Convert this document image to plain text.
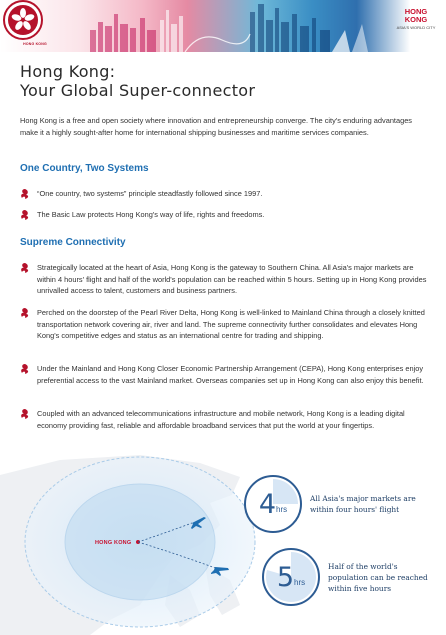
HONG KONG
HONG KONG
ASIA'S WORLD CITY
Hong Kong:
Your Global Super-connector

Hong Kong is a free and open society where innovation and entrepreneurship converge. The city's enduring advantages make it a highly sought-after home for international shipping businesses and maritime services companies.

One Country, Two Systems
“One country, two systems” principle steadfastly followed since 1997.
The Basic Law protects Hong Kong's way of life, rights and freedoms.
Supreme Connectivity
Strategically located at the heart of Asia, Hong Kong is the gateway to Southern China. All Asia's major markets are within 4 hours' flight and half of the world's population can be reached within 5 hours. Setting up in Hong Kong provides unrivalled access to talent, customers and business partners.
Perched on the doorstep of the Pearl River Delta, Hong Kong is well-linked to Mainland China through a closely knitted transportation network covering air, river and land. The supreme connectivity further consolidates and elevates Hong Kong's competitive edges and status as an international centre for trading and shipping.
Under the Mainland and Hong Kong Closer Economic Partnership Arrangement (CEPA), Hong Kong enterprises enjoy preferential access to the vast Mainland market. Overseas companies set up in Hong Kong can also enjoy this benefit.
Coupled with an advanced telecommunications infrastructure and mobile network, Hong Kong is a leading digital economy providing fast, reliable and affordable broadband services that put the world at your fingertips.
HONG KONG
4 hrs
All Asia's major markets are within four hours' flight
5 hrs
Half of the world's population can be reached within five hours
